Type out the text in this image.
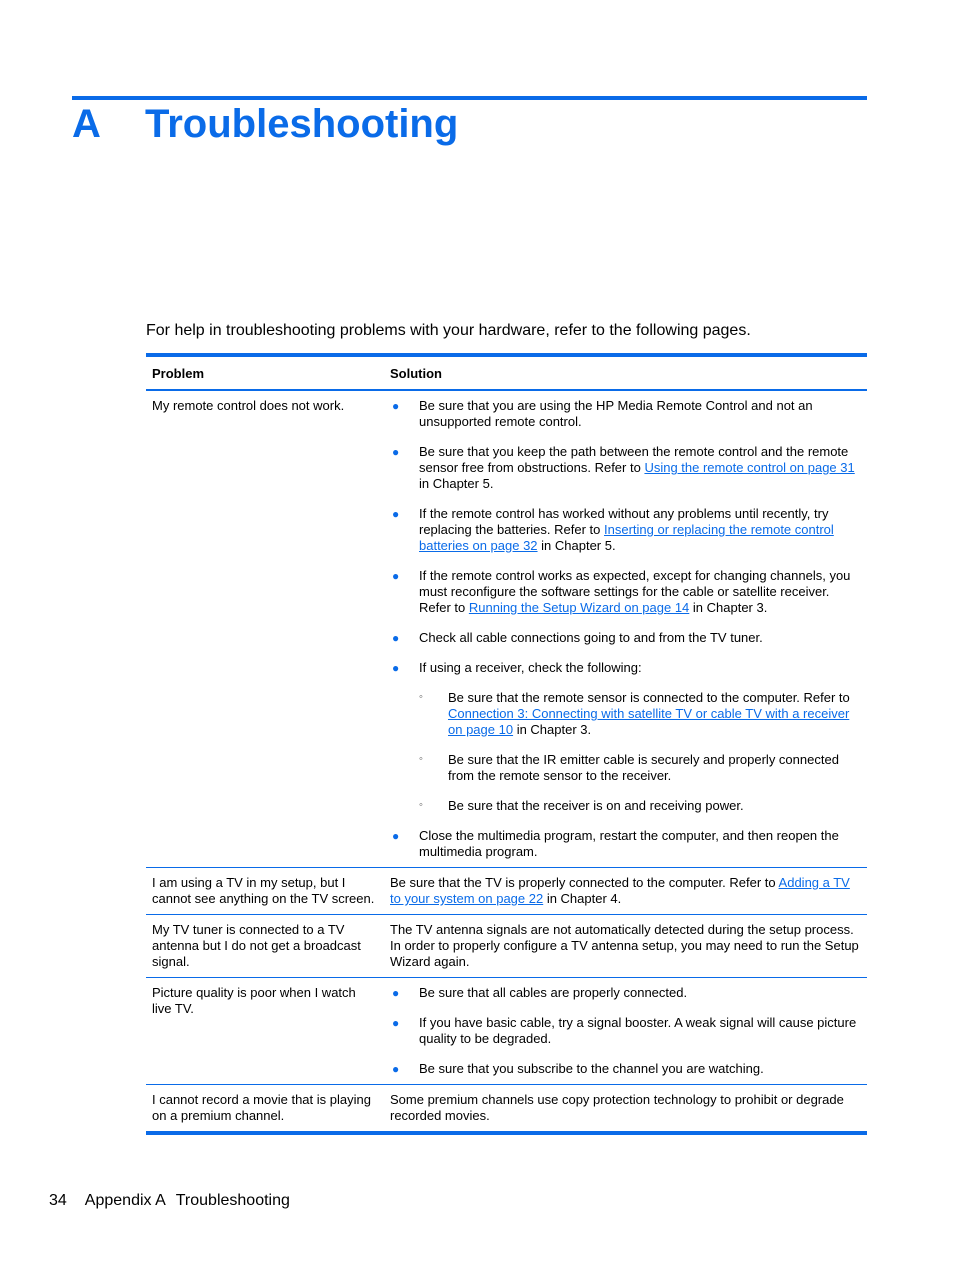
A Troubleshooting
For help in troubleshooting problems with your hardware, refer to the following pages.
Problem	Solution
My remote control does not work.	● Be sure that you are using the HP Media Remote Control and not an unsupported remote control.
● Be sure that you keep the path between the remote control and the remote sensor free from obstructions. Refer to Using the remote control on page 31 in Chapter 5.
● If the remote control has worked without any problems until recently, try replacing the batteries. Refer to Inserting or replacing the remote control batteries on page 32 in Chapter 5.
● If the remote control works as expected, except for changing channels, you must reconfigure the software settings for the cable or satellite receiver. Refer to Running the Setup Wizard on page 14 in Chapter 3.
● Check all cable connections going to and from the TV tuner.
● If using a receiver, check the following:
◦ Be sure that the remote sensor is connected to the computer. Refer to Connection 3: Connecting with satellite TV or cable TV with a receiver on page 10 in Chapter 3.
◦ Be sure that the IR emitter cable is securely and properly connected from the remote sensor to the receiver.
◦ Be sure that the receiver is on and receiving power.
● Close the multimedia program, restart the computer, and then reopen the multimedia program.
I am using a TV in my setup, but I cannot see anything on the TV screen.
Be sure that the TV is properly connected to the computer. Refer to Adding a TV to your system on page 22 in Chapter 4.
My TV tuner is connected to a TV antenna but I do not get a broadcast signal.
The TV antenna signals are not automatically detected during the setup process. In order to properly configure a TV antenna setup, you may need to run the Setup Wizard again.
Picture quality is poor when I watch live TV.
● Be sure that all cables are properly connected.
● If you have basic cable, try a signal booster. A weak signal will cause picture quality to be degraded.
● Be sure that you subscribe to the channel you are watching.
I cannot record a movie that is playing on a premium channel.
Some premium channels use copy protection technology to prohibit or degrade recorded movies.
34 Appendix A Troubleshooting
